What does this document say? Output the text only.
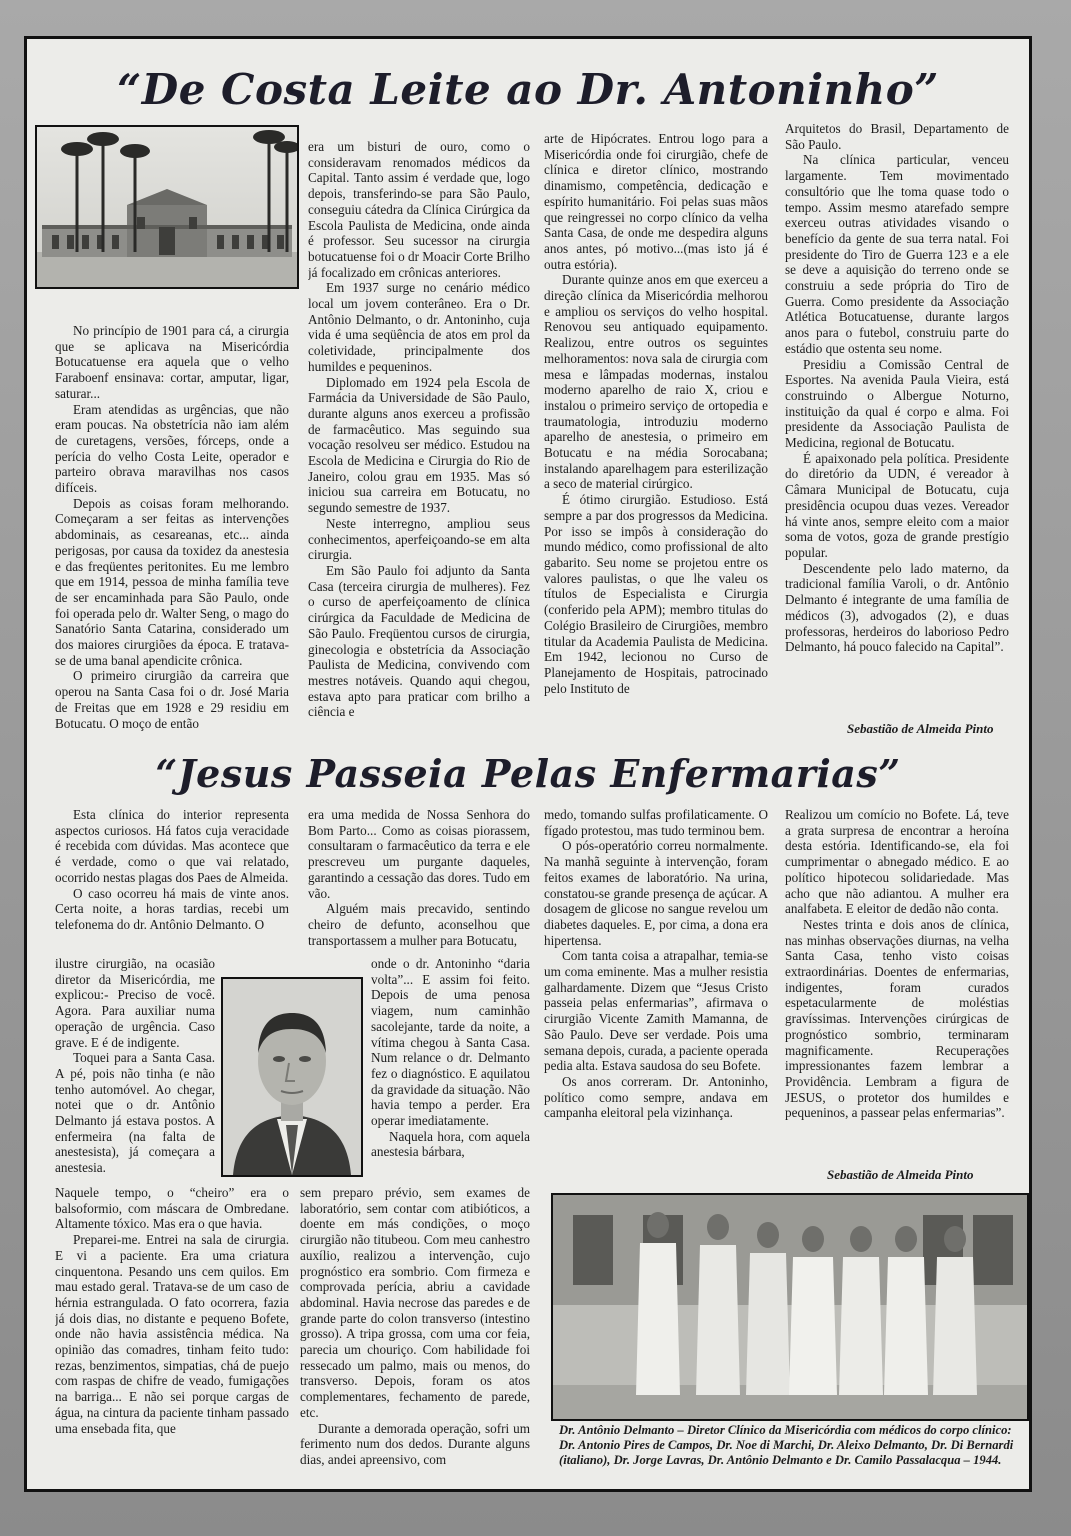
“De Costa Leite ao Dr. Antoninho”

No princípio de 1901 para cá, a cirurgia que se aplicava na Misericórdia Botucatuense era aquela que o velho Faraboenf ensinava: cortar, amputar, ligar, saturar...

Eram atendidas as urgências, que não eram poucas. Na obstetrícia não iam além de curetagens, versões, fórceps, onde a perícia do velho Costa Leite, operador e parteiro obrava maravilhas nos casos difíceis.

Depois as coisas foram melhorando. Começaram a ser feitas as intervenções abdominais, as cesareanas, etc... ainda perigosas, por causa da toxidez da anestesia e das freqüentes peritonites. Eu me lembro que em 1914, pessoa de minha família teve de ser encaminhada para São Paulo, onde foi operada pelo dr. Walter Seng, o mago do Sanatório Santa Catarina, considerado um dos maiores cirurgiões da época. E tratava-se de uma banal apendicite crônica.

O primeiro cirurgião da carreira que operou na Santa Casa foi o dr. José Maria de Freitas que em 1928 e 29 residiu em Botucatu. O moço de então

era um bisturi de ouro, como o consideravam renomados médicos da Capital. Tanto assim é verdade que, logo depois, transferindo-se para São Paulo, conseguiu cátedra da Clínica Cirúrgica da Escola Paulista de Medicina, onde ainda é professor. Seu sucessor na cirurgia botucatuense foi o dr Moacir Corte Brilho já focalizado em crônicas anteriores.

Em 1937 surge no cenário médico local um jovem conterâneo. Era o Dr. Antônio Delmanto, o dr. Antoninho, cuja vida é uma seqüência de atos em prol da coletividade, principalmente dos humildes e pequeninos.

Diplomado em 1924 pela Escola de Farmácia da Universidade de São Paulo, durante alguns anos exerceu a profissão de farmacêutico. Mas seguindo sua vocação resolveu ser médico. Estudou na Escola de Medicina e Cirurgia do Rio de Janeiro, colou grau em 1935. Mas só iniciou sua carreira em Botucatu, no segundo semestre de 1937.

Neste interregno, ampliou seus conhecimentos, aperfeiçoando-se em alta cirurgia.

Em São Paulo foi adjunto da Santa Casa (terceira cirurgia de mulheres). Fez o curso de aperfeiçoamento de clínica cirúrgica da Faculdade de Medicina de São Paulo. Freqüentou cursos de cirurgia, ginecologia e obstetrícia da Associação Paulista de Medicina, convivendo com mestres notáveis. Quando aqui chegou, estava apto para praticar com brilho a ciência e

arte de Hipócrates. Entrou logo para a Misericórdia onde foi cirurgião, chefe de clínica e diretor clínico, mostrando dinamismo, competência, dedicação e espírito humanitário. Foi pelas suas mãos que reingressei no corpo clínico da velha Santa Casa, de onde me despedira alguns anos antes, pó motivo...(mas isto já é outra estória).

Durante quinze anos em que exerceu a direção clínica da Misericórdia melhorou e ampliou os serviços do velho hospital. Renovou seu antiquado equipamento. Realizou, entre outros os seguintes melhoramentos: nova sala de cirurgia com mesa e lâmpadas modernas, instalou moderno aparelho de raio X, criou e instalou o primeiro serviço de ortopedia e traumatologia, introduziu moderno aparelho de anestesia, o primeiro em Botucatu e na média Sorocabana; instalando aparelhagem para esterilização a seco de material cirúrgico.

É ótimo cirurgião. Estudioso. Está sempre a par dos progressos da Medicina. Por isso se impôs à consideração do mundo médico, como profissional de alto gabarito. Seu nome se projetou entre os valores paulistas, o que lhe valeu os títulos de Especialista e Cirurgia (conferido pela APM); membro titulas do Colégio Brasileiro de Cirurgiões, membro titular da Academia Paulista de Medicina. Em 1942, lecionou no Curso de Planejamento de Hospitais, patrocinado pelo Instituto de

Arquitetos do Brasil, Departamento de São Paulo.

Na clínica particular, venceu largamente. Tem movimentado consultório que lhe toma quase todo o tempo. Assim mesmo atarefado sempre exerceu outras atividades visando o benefício da gente de sua terra natal. Foi presidente do Tiro de Guerra 123 e a ele se deve a aquisição do terreno onde se construiu a sede própria do Tiro de Guerra. Como presidente da Associação Atlética Botucatuense, durante largos anos para o futebol, construiu parte do estádio que ostenta seu nome.

Presidiu a Comissão Central de Esportes. Na avenida Paula Vieira, está construindo o Albergue Noturno, instituição da qual é corpo e alma. Foi presidente da Associação Paulista de Medicina, regional de Botucatu.

É apaixonado pela política. Presidente do diretório da UDN, é vereador à Câmara Municipal de Botucatu, cuja presidência ocupou duas vezes. Vereador há vinte anos, sempre eleito com a maior soma de votos, goza de grande prestígio popular.

Descendente pelo lado materno, da tradicional família Varoli, o dr. Antônio Delmanto é integrante de uma família de médicos (3), advogados (2), e duas professoras, herdeiros do laborioso Pedro Delmanto, há pouco falecido na Capital”.

Sebastião de Almeida Pinto
“Jesus Passeia Pelas Enfermarias”

Esta clínica do interior representa aspectos curiosos. Há fatos cuja veracidade é recebida com dúvidas. Mas acontece que é verdade, como o que vai relatado, ocorrido nestas plagas dos Paes de Almeida.

O caso ocorreu há mais de vinte anos. Certa noite, a horas tardias, recebi um telefonema do dr. Antônio Delmanto. O

ilustre cirurgião, na ocasião diretor da Misericórdia, me explicou:- Preciso de você. Agora. Para auxiliar numa operação de urgência. Caso grave. E é de indigente.

Toquei para a Santa Casa. A pé, pois não tinha (e não tenho automóvel. Ao chegar, notei que o dr. Antônio Delmanto já estava postos. A enfermeira (na falta de anestesista), já começara a anestesia.

Naquele tempo, o “cheiro” era o balsoformio, com máscara de Ombredane. Altamente tóxico. Mas era o que havia.

Preparei-me. Entrei na sala de cirurgia. E vi a paciente. Era uma criatura cinquentona. Pesando uns cem quilos. Em mau estado geral. Tratava-se de um caso de hérnia estrangulada. O fato ocorrera, fazia já dois dias, no distante e pequeno Bofete, onde não havia assistência médica. Na opinião das comadres, tinham feito tudo: rezas, benzimentos, simpatias, chá de puejo com raspas de chifre de veado, fumigações na barriga... E não sei porque cargas de água, na cintura da paciente tinham passado uma ensebada fita, que

era uma medida de Nossa Senhora do Bom Parto... Como as coisas piorassem, consultaram o farmacêutico da terra e ele prescreveu um purgante daqueles, garantindo a cessação das dores. Tudo em vão.

Alguém mais precavido, sentindo cheiro de defunto, aconselhou que transportassem a mulher para Botucatu,

onde o dr. Antoninho “daria volta”... E assim foi feito. Depois de uma penosa viagem, num caminhão sacolejante, tarde da noite, a vítima chegou à Santa Casa. Num relance o dr. Delmanto fez o diagnóstico. E aquilatou da gravidade da situação. Não havia tempo a perder. Era operar imediatamente.

Naquela hora, com aquela anestesia bárbara,

sem preparo prévio, sem exames de laboratório, sem contar com atibióticos, a doente em más condições, o moço cirurgião não titubeou. Com meu canhestro auxílio, realizou a intervenção, cujo prognóstico era sombrio. Com firmeza e comprovada perícia, abriu a cavidade abdominal. Havia necrose das paredes e de grande parte do colon transverso (intestino grosso). A tripa grossa, com uma cor feia, parecia um chouriço. Com habilidade foi ressecado um palmo, mais ou menos, do transverso. Depois, foram os atos complementares, fechamento de parede, etc.

Durante a demorada operação, sofri um ferimento num dos dedos. Durante alguns dias, andei apreensivo, com

medo, tomando sulfas profilaticamente. O fígado protestou, mas tudo terminou bem.

O pós-operatório correu normalmente. Na manhã seguinte à intervenção, foram feitos exames de laboratório. Na urina, constatou-se grande presença de açúcar. A dosagem de glicose no sangue revelou um diabetes daqueles. E, por cima, a dona era hipertensa.

Com tanta coisa a atrapalhar, temia-se um coma eminente. Mas a mulher resistia galhardamente. Dizem que “Jesus Cristo passeia pelas enfermarias”, afirmava o cirurgião Vicente Zamith Mamanna, de São Paulo. Deve ser verdade. Pois uma semana depois, curada, a paciente operada pedia alta. Estava saudosa do seu Bofete.

Os anos correram. Dr. Antoninho, político como sempre, andava em campanha eleitoral pela vizinhança.

Realizou um comício no Bofete. Lá, teve a grata surpresa de encontrar a heroína desta estória. Identificando-se, ela foi cumprimentar o abnegado médico. E ao político hipotecou solidariedade. Mas acho que não adiantou. A mulher era analfabeta. E eleitor de dedão não conta.

Nestes trinta e dois anos de clínica, nas minhas observações diurnas, na velha Santa Casa, tenho visto coisas extraordinárias. Doentes de enfermarias, indigentes, foram curados espetacularmente de moléstias gravíssimas. Intervenções cirúrgicas de prognóstico sombrio, terminaram magnificamente. Recuperações impressionantes fazem lembrar a Providência. Lembram a figura de JESUS, o protetor dos humildes e pequeninos, a passear pelas enfermarias”.

Sebastião de Almeida Pinto
Dr. Antônio Delmanto – Diretor Clínico da Misericórdia com médicos do corpo clínico: Dr. Antonio Pires de Campos, Dr. Noe di Marchi, Dr. Aleixo Delmanto, Dr. Di Bernardi (italiano), Dr. Jorge Lavras, Dr. Antônio Delmanto e Dr. Camilo Passalacqua – 1944.
